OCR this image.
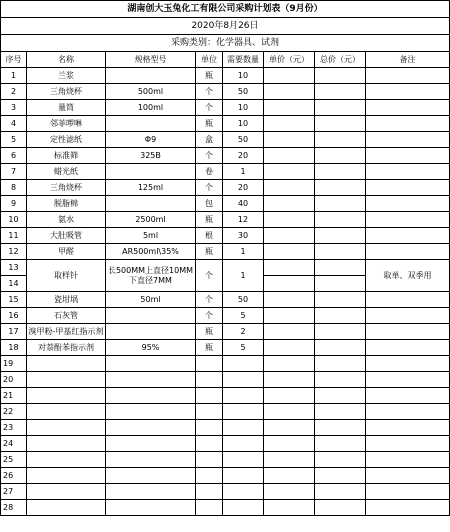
湖南创大玉兔化工有限公司采购计划表（9月份）							
2020年8月26日							
采购类别：化学器具、试剂							
序号	名称	规格型号	单位	需要数量	单价（元）	总价（元）	备注
1	兰浆		瓶	10			
2	三角烧杯	500ml	个	50			
3	量筒	100ml	个	10			
4	邻菲啰啉		瓶	10			
5	定性滤纸	Φ9	盒	50			
6	标准筛	325B	个	20			
7	蜡光纸		卷	1			
8	三角烧杯	125ml	个	20			
9	脱脂棉		包	40			
10	氨水	2500ml	瓶	12			
11	大肚吸管	5ml	根	30			
12	甲醛	AR500ml\35%	瓶	1			
13	取样针	长500MM上直径10MM
下直径7MM	个	1			取单、双季用
14							
15	瓷坩埚	50ml	个	50			
16	石灰管		个	5			
17	溴甲粉-甲基红指示剂		瓶	2			
18	对萘酚苯指示剂	95%	瓶	5			
19							
20							
21							
22							
23							
24							
25							
26							
27							
28							
